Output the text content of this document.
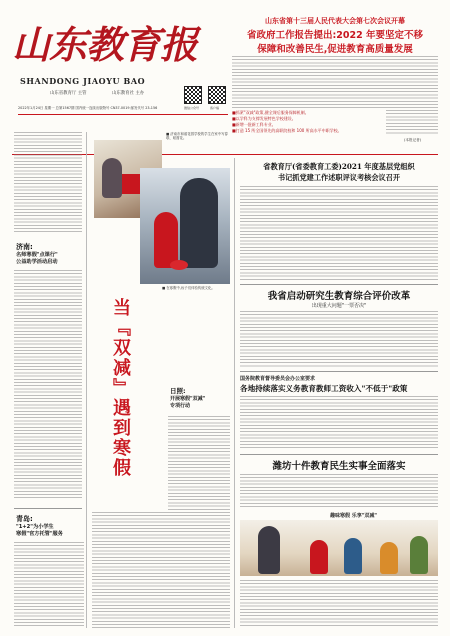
山东教育报
SHANDONG JIAOYU BAO
山东省教育厅 主管	山东教育社 主办
2022年1月24日 星期一 总第1567期 国内统一连续出版物号 CN37-0019 邮发代号 23-156	微信公众号	客户端
山东省第十三届人民代表大会第七次会议开幕
省政府工作报告提出:2022 年要坚定不移
保障和改善民生,促进教育高质量发展
■抓紧"双减"政策,健全课后服务保障机制。
■以学科为支撑发展特色学校建设。
■新增一批新工科专业。
■打造 15 所全国领先的高职院校和 100 所高水平中职学校。
(本报记者)
济南:
名师寒假"点课行"
公益助学活动启动
青岛:
"1+2"为小学生
寒假"官方托管"服务
■ 济南市和谐花园学校的学生在家中写春联、贴窗花。
■ 在寒假中,孩子们体验传统文化。
当『双减』遇到寒假	日照:
开展寒假"双减"
专项行动
省教育厅(省委教育工委)2021 年度基层党组织
书记抓党建工作述职评议考核会议召开
我省启动研究生教育综合评价改革
出现重大问题"一票否决"
国务院教育督导委员会办公室要求
各地持续落实义务教育教师工资收入"不低于"政策
潍坊十件教育民生实事全面落实
趣味寒假 乐享"双减"
